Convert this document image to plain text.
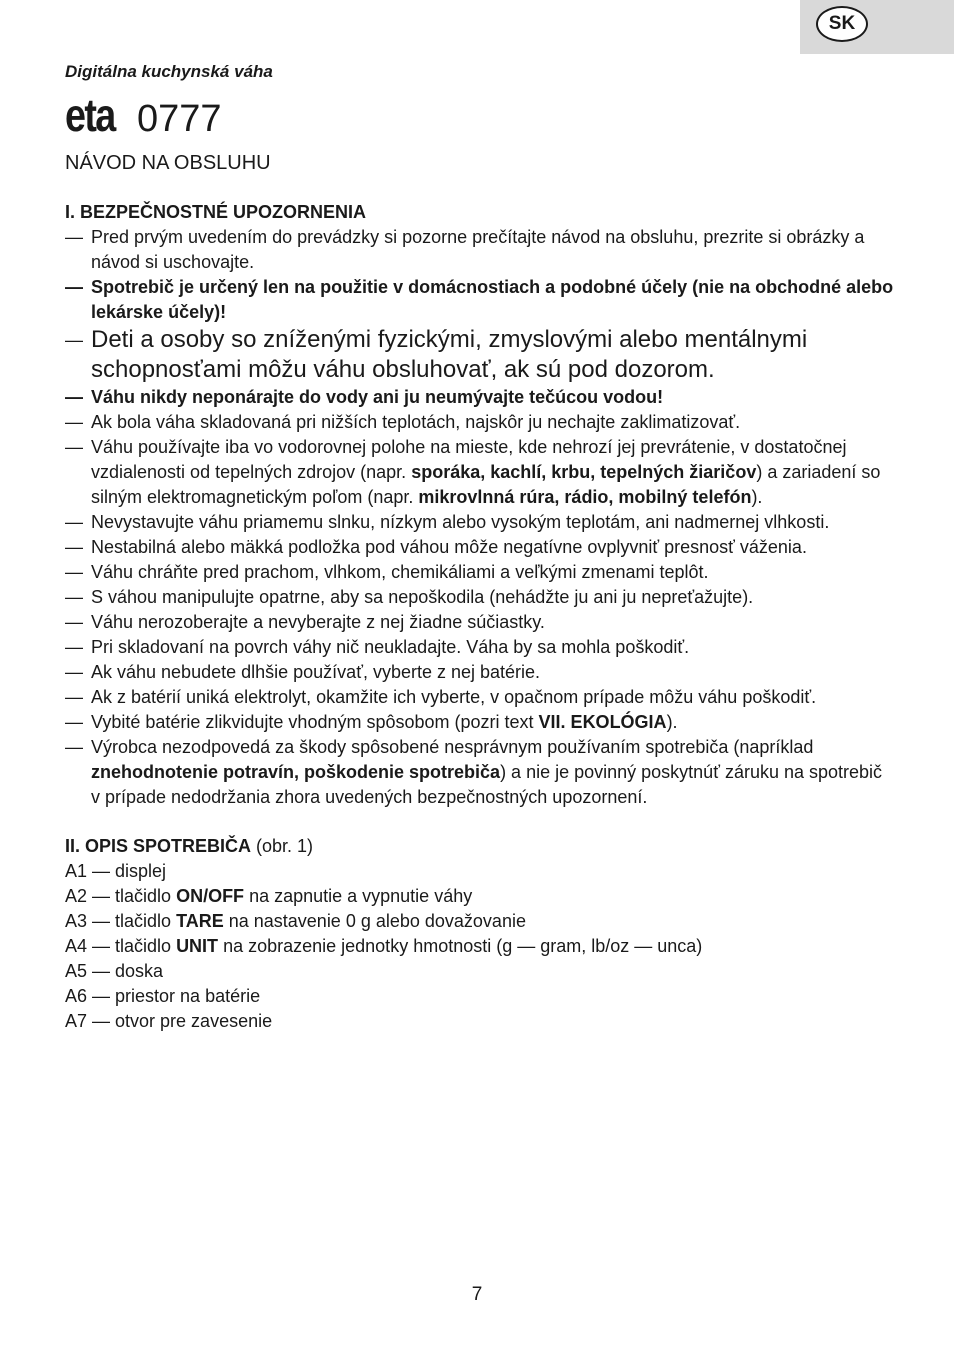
SK

Digitálna kuchynská váha

eta 0777

NÁVOD NA OBSLUHU

I. BEZPEČNOSTNÉ UPOZORNENIA

— Pred prvým uvedením do prevádzky si pozorne prečítajte návod na obsluhu, prezrite si obrázky a návod si uschovajte.
— Spotrebič je určený len na použitie v domácnostiach a podobné účely (nie na obchodné alebo lekárske účely)!
— Deti a osoby so zníženými fyzickými, zmyslovými alebo mentálnymi schopnosťami môžu váhu obsluhovať, ak sú pod dozorom.
— Váhu nikdy neponárajte do vody ani ju neumývajte tečúcou vodou!
— Ak bola váha skladovaná pri nižších teplotách, najskôr ju nechajte zaklimatizovať.
— Váhu používajte iba vo vodorovnej polohe na mieste, kde nehrozí jej prevrátenie, v dostatočnej vzdialenosti od tepelných zdrojov (napr. sporáka, kachlí, krbu, tepelných žiaričov) a zariadení so silným elektromagnetickým poľom (napr. mikrovlnná rúra, rádio, mobilný telefón).
— Nevystavujte váhu priamemu slnku, nízkym alebo vysokým teplotám, ani nadmernej vlhkosti.
— Nestabilná alebo mäkká podložka pod váhou môže negatívne ovplyvniť presnosť váženia.
— Váhu chráňte pred prachom, vlhkom, chemikáliami a veľkými zmenami teplôt.
— S váhou manipulujte opatrne, aby sa nepoškodila (nehádžte ju ani ju nepreťažujte).
— Váhu nerozoberajte a nevyberajte z nej žiadne súčiastky.
— Pri skladovaní na povrch váhy nič neukladajte. Váha by sa mohla poškodiť.
— Ak váhu nebudete dlhšie používať, vyberte z nej batérie.
— Ak z batérií uniká elektrolyt, okamžite ich vyberte, v opačnom prípade môžu váhu poškodiť.
— Vybité batérie zlikvidujte vhodným spôsobom (pozri text VII. EKOLÓGIA).
— Výrobca nezodpovedá za škody spôsobené nesprávnym používaním spotrebiča (napríklad znehodnotenie potravín, poškodenie spotrebiča) a nie je povinný poskytnúť záruku na spotrebič v prípade nedodržania zhora uvedených bezpečnostných upozornení.

II. OPIS SPOTREBIČA (obr. 1)

A1 — displej

A2 — tlačidlo ON/OFF na zapnutie a vypnutie váhy

A3 — tlačidlo TARE na nastavenie 0 g alebo dovažovanie

A4 — tlačidlo UNIT na zobrazenie jednotky hmotnosti (g — gram, lb/oz — unca)

A5 — doska

A6 — priestor na batérie

A7 — otvor pre zavesenie

7
